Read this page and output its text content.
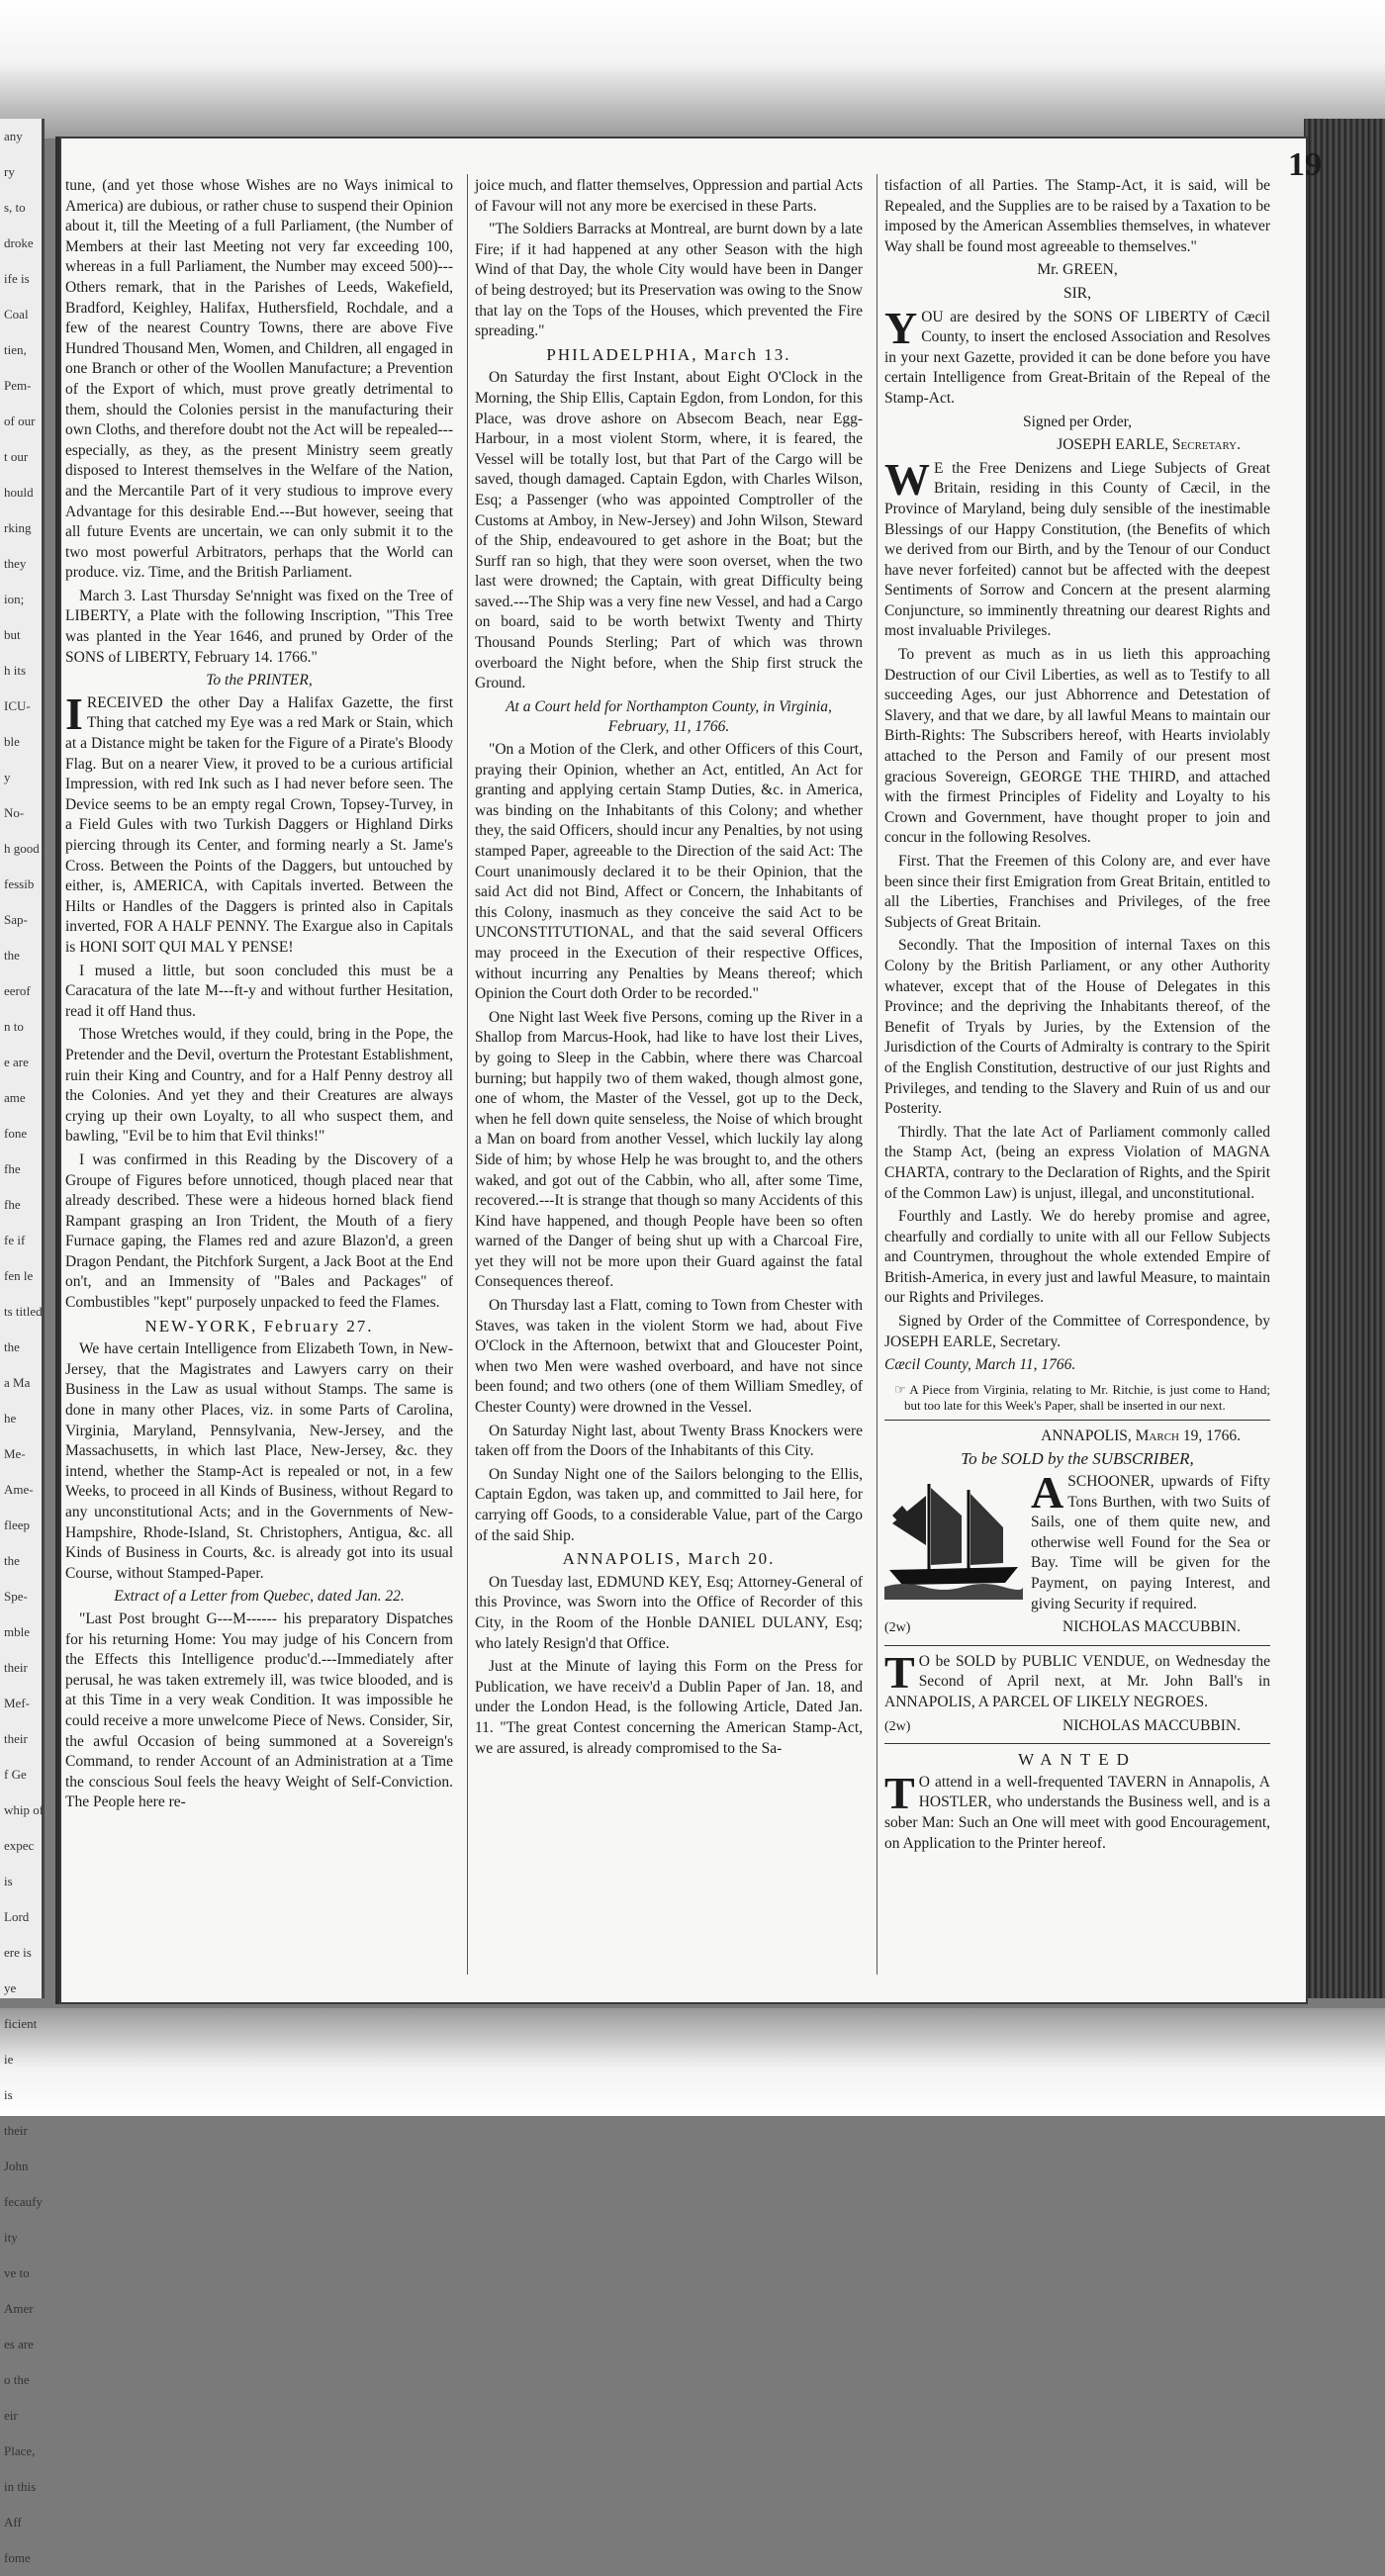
any
ry
s, to
droke
ife is
Coal
tien,
Pem-
of our
t our
hould
rking
they
ion;
but
h its
ICU-
ble
y
No-
h good
fessib
Sap-
the
eerof
n to
e are
ame
fone
fhe
fhe
fe if
fen le
ts titled
the
a Ma
he
Me-
Ame-
fleep
the
Spe-
mble
their
Mef-
their
f Ge
whip of
expec
is
Lord
ere is
ye
ficient
ie
is
their
John
fecaufy
ity
ve to
Amer
es are
o the
eir
Place,
in this
Aff
fome
19

tune, (and yet those whose Wishes are no Ways inimical to America) are dubious, or rather chuse to suspend their Opinion about it, till the Meeting of a full Parliament, (the Number of Members at their last Meeting not very far exceeding 100, whereas in a full Parliament, the Number may exceed 500)---Others remark, that in the Parishes of Leeds, Wakefield, Bradford, Keighley, Halifax, Huthersfield, Rochdale, and a few of the nearest Country Towns, there are above Five Hundred Thousand Men, Women, and Children, all engaged in one Branch or other of the Woollen Manufacture; a Prevention of the Export of which, must prove greatly detrimental to them, should the Colonies persist in the manufacturing their own Cloths, and therefore doubt not the Act will be repealed---especially, as they, as the present Ministry seem greatly disposed to Interest themselves in the Welfare of the Nation, and the Mercantile Part of it very studious to improve every Advantage for this desirable End.---But however, seeing that all future Events are uncertain, we can only submit it to the two most powerful Arbitrators, perhaps that the World can produce. viz. Time, and the British Parliament.

March 3. Last Thursday Se'nnight was fixed on the Tree of LIBERTY, a Plate with the following Inscription, "This Tree was planted in the Year 1646, and pruned by Order of the SONS of LIBERTY, February 14. 1766."

To the PRINTER,

IRECEIVED the other Day a Halifax Gazette, the first Thing that catched my Eye was a red Mark or Stain, which at a Distance might be taken for the Figure of a Pirate's Bloody Flag. But on a nearer View, it proved to be a curious artificial Impression, with red Ink such as I had never before seen. The Device seems to be an empty regal Crown, Topsey-Turvey, in a Field Gules with two Turkish Daggers or Highland Dirks piercing through its Center, and forming nearly a St. Jame's Cross. Between the Points of the Daggers, but untouched by either, is, AMERICA, with Capitals inverted. Between the Hilts or Handles of the Daggers is printed also in Capitals inverted, FOR A HALF PENNY. The Exargue also in Capitals is HONI SOIT QUI MAL Y PENSE!

I mused a little, but soon concluded this must be a Caracatura of the late M---ft-y and without further Hesitation, read it off Hand thus.

Those Wretches would, if they could, bring in the Pope, the Pretender and the Devil, overturn the Protestant Establishment, ruin their King and Country, and for a Half Penny destroy all the Colonies. And yet they and their Creatures are always crying up their own Loyalty, to all who suspect them, and bawling, "Evil be to him that Evil thinks!"

I was confirmed in this Reading by the Discovery of a Groupe of Figures before unnoticed, though placed near that already described. These were a hideous horned black fiend Rampant grasping an Iron Trident, the Mouth of a fiery Furnace gaping, the Flames red and azure Blazon'd, a green Dragon Pendant, the Pitchfork Surgent, a Jack Boot at the End on't, and an Immensity of "Bales and Packages" of Combustibles "kept" purposely unpacked to feed the Flames.

NEW-YORK, February 27.

We have certain Intelligence from Elizabeth Town, in New-Jersey, that the Magistrates and Lawyers carry on their Business in the Law as usual without Stamps. The same is done in many other Places, viz. in some Parts of Carolina, Virginia, Maryland, Pennsylvania, New-Jersey, and the Massachusetts, in which last Place, New-Jersey, &c. they intend, whether the Stamp-Act is repealed or not, in a few Weeks, to proceed in all Kinds of Business, without Regard to any unconstitutional Acts; and in the Governments of New-Hampshire, Rhode-Island, St. Christophers, Antigua, &c. all Kinds of Business in Courts, &c. is already got into its usual Course, without Stamped-Paper.

Extract of a Letter from Quebec, dated Jan. 22.

"Last Post brought G---M------ his preparatory Dispatches for his returning Home: You may judge of his Concern from the Effects this Intelligence produc'd.---Immediately after perusal, he was taken extremely ill, was twice blooded, and is at this Time in a very weak Condition. It was impossible he could receive a more unwelcome Piece of News. Consider, Sir, the awful Occasion of being summoned at a Sovereign's Command, to render Account of an Administration at a Time the conscious Soul feels the heavy Weight of Self-Conviction. The People here re-

joice much, and flatter themselves, Oppression and partial Acts of Favour will not any more be exercised in these Parts.

"The Soldiers Barracks at Montreal, are burnt down by a late Fire; if it had happened at any other Season with the high Wind of that Day, the whole City would have been in Danger of being destroyed; but its Preservation was owing to the Snow that lay on the Tops of the Houses, which prevented the Fire spreading."

PHILADELPHIA, March 13.

On Saturday the first Instant, about Eight O'Clock in the Morning, the Ship Ellis, Captain Egdon, from London, for this Place, was drove ashore on Absecom Beach, near Egg-Harbour, in a most violent Storm, where, it is feared, the Vessel will be totally lost, but that Part of the Cargo will be saved, though damaged. Captain Egdon, with Charles Wilson, Esq; a Passenger (who was appointed Comptroller of the Customs at Amboy, in New-Jersey) and John Wilson, Steward of the Ship, endeavoured to get ashore in the Boat; but the Surff ran so high, that they were soon overset, when the two last were drowned; the Captain, with great Difficulty being saved.---The Ship was a very fine new Vessel, and had a Cargo on board, said to be worth betwixt Twenty and Thirty Thousand Pounds Sterling; Part of which was thrown overboard the Night before, when the Ship first struck the Ground.

At a Court held for Northampton County, in Virginia, February, 11, 1766.

"On a Motion of the Clerk, and other Officers of this Court, praying their Opinion, whether an Act, entitled, An Act for granting and applying certain Stamp Duties, &c. in America, was binding on the Inhabitants of this Colony; and whether they, the said Officers, should incur any Penalties, by not using stamped Paper, agreeable to the Direction of the said Act: The Court unanimously declared it to be their Opinion, that the said Act did not Bind, Affect or Concern, the Inhabitants of this Colony, inasmuch as they conceive the said Act to be UNCONSTITUTIONAL, and that the said several Officers may proceed in the Execution of their respective Offices, without incurring any Penalties by Means thereof; which Opinion the Court doth Order to be recorded."

One Night last Week five Persons, coming up the River in a Shallop from Marcus-Hook, had like to have lost their Lives, by going to Sleep in the Cabbin, where there was Charcoal burning; but happily two of them waked, though almost gone, one of whom, the Master of the Vessel, got up to the Deck, when he fell down quite senseless, the Noise of which brought a Man on board from another Vessel, which luckily lay along Side of him; by whose Help he was brought to, and the others waked, and got out of the Cabbin, who all, after some Time, recovered.---It is strange that though so many Accidents of this Kind have happened, and though People have been so often warned of the Danger of being shut up with a Charcoal Fire, yet they will not be more upon their Guard against the fatal Consequences thereof.

On Thursday last a Flatt, coming to Town from Chester with Staves, was taken in the violent Storm we had, about Five O'Clock in the Afternoon, betwixt that and Gloucester Point, when two Men were washed overboard, and have not since been found; and two others (one of them William Smedley, of Chester County) were drowned in the Vessel.

On Saturday Night last, about Twenty Brass Knockers were taken off from the Doors of the Inhabitants of this City.

On Sunday Night one of the Sailors belonging to the Ellis, Captain Egdon, was taken up, and committed to Jail here, for carrying off Goods, to a considerable Value, part of the Cargo of the said Ship.

ANNAPOLIS, March 20.

On Tuesday last, EDMUND KEY, Esq; Attorney-General of this Province, was Sworn into the Office of Recorder of this City, in the Room of the Honble DANIEL DULANY, Esq; who lately Resign'd that Office.

Just at the Minute of laying this Form on the Press for Publication, we have receiv'd a Dublin Paper of Jan. 18, and under the London Head, is the following Article, Dated Jan. 11. "The great Contest concerning the American Stamp-Act, we are assured, is already compromised to the Sa-

tisfaction of all Parties. The Stamp-Act, it is said, will be Repealed, and the Supplies are to be raised by a Taxation to be imposed by the American Assemblies themselves, in whatever Way shall be found most agreeable to themselves."

Mr. GREEN,

SIR,

YOU are desired by the SONS OF LIBERTY of Cæcil County, to insert the enclosed Association and Resolves in your next Gazette, provided it can be done before you have certain Intelligence from Great-Britain of the Repeal of the Stamp-Act.

Signed per Order,

JOSEPH EARLE, Secretary.

W E the Free Denizens and Liege Subjects of Great Britain, residing in this County of Cæcil, in the Province of Maryland, being duly sensible of the inestimable Blessings of our Happy Constitution, (the Benefits of which we derived from our Birth, and by the Tenour of our Conduct have never forfeited) cannot but be affected with the deepest Sentiments of Sorrow and Concern at the present alarming Conjuncture, so imminently threatning our dearest Rights and most invaluable Privileges.

To prevent as much as in us lieth this approaching Destruction of our Civil Liberties, as well as to Testify to all succeeding Ages, our just Abhorrence and Detestation of Slavery, and that we dare, by all lawful Means to maintain our Birth-Rights: The Subscribers hereof, with Hearts inviolably attached to the Person and Family of our present most gracious Sovereign, GEORGE THE THIRD, and attached with the firmest Principles of Fidelity and Loyalty to his Crown and Government, have thought proper to join and concur in the following Resolves.

First. That the Freemen of this Colony are, and ever have been since their first Emigration from Great Britain, entitled to all the Liberties, Franchises and Privileges, of the free Subjects of Great Britain.

Secondly. That the Imposition of internal Taxes on this Colony by the British Parliament, or any other Authority whatever, except that of the House of Delegates in this Province; and the depriving the Inhabitants thereof, of the Benefit of Tryals by Juries, by the Extension of the Jurisdiction of the Courts of Admiralty is contrary to the Spirit of the English Constitution, destructive of our just Rights and Privileges, and tending to the Slavery and Ruin of us and our Posterity.

Thirdly. That the late Act of Parliament commonly called the Stamp Act, (being an express Violation of MAGNA CHARTA, contrary to the Declaration of Rights, and the Spirit of the Common Law) is unjust, illegal, and unconstitutional.

Fourthly and Lastly. We do hereby promise and agree, chearfully and cordially to unite with all our Fellow Subjects and Countrymen, throughout the whole extended Empire of British-America, in every just and lawful Measure, to maintain our Rights and Privileges.

Signed by Order of the Committee of Correspondence, by JOSEPH EARLE, Secretary.

Cæcil County, March 11, 1766.

☞ A Piece from Virginia, relating to Mr. Ritchie, is just come to Hand; but too late for this Week's Paper, shall be inserted in our next.

ANNAPOLIS, March 19, 1766.

To be SOLD by the SUBSCRIBER,

ASCHOONER, upwards of Fifty Tons Burthen, with two Suits of Sails, one of them quite new, and otherwise well Found for the Sea or Bay. Time will be given for the Payment, on paying Interest, and giving Security if required.

(2w)	NICHOLAS MACCUBBIN.

T O be SOLD by PUBLIC VENDUE, on Wednesday the Second of April next, at Mr. John Ball's in ANNAPOLIS, A PARCEL OF LIKELY NEGROES.

(2w)	NICHOLAS MACCUBBIN.

WANTED

T O attend in a well-frequented TAVERN in Annapolis, A HOSTLER, who understands the Business well, and is a sober Man: Such an One will meet with good Encouragement, on Application to the Printer hereof.
